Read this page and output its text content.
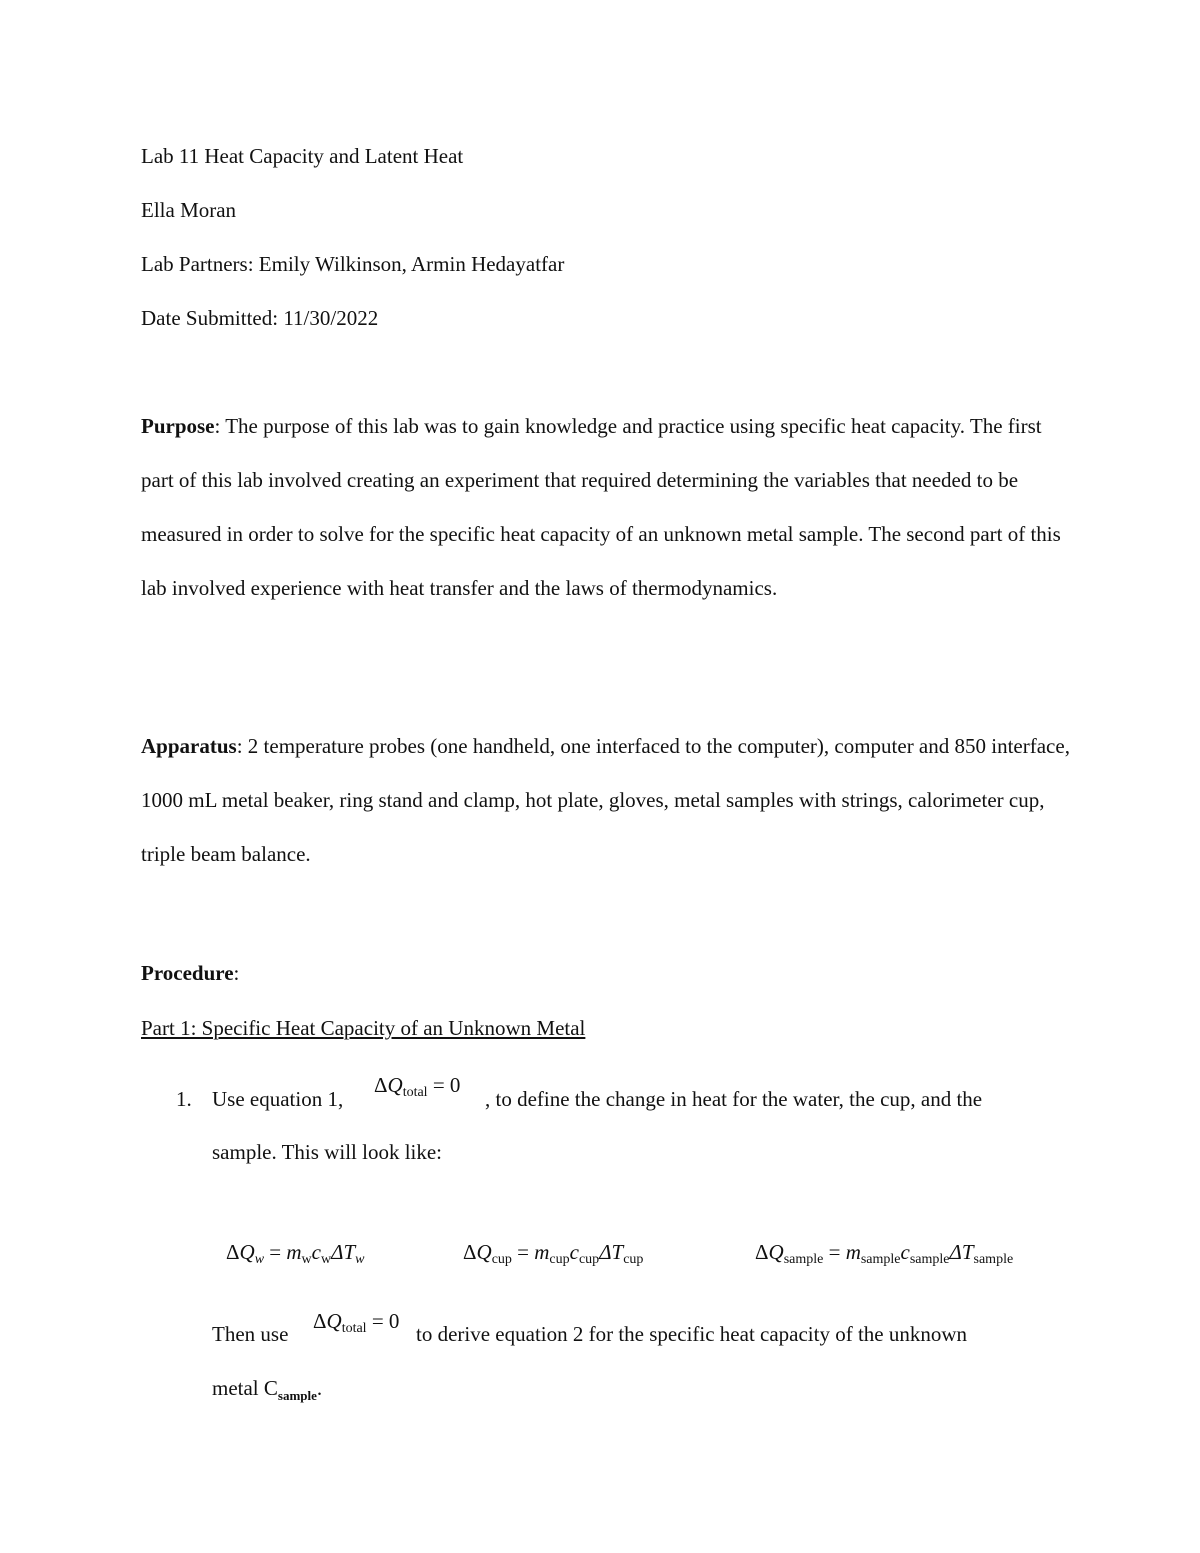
Lab 11 Heat Capacity and Latent Heat
Ella Moran
Lab Partners: Emily Wilkinson, Armin Hedayatfar
Date Submitted: 11/30/2022

Purpose: The purpose of this lab was to gain knowledge and practice using specific heat capacity. The first part of this lab involved creating an experiment that required determining the variables that needed to be measured in order to solve for the specific heat capacity of an unknown metal sample. The second part of this lab involved experience with heat transfer and the laws of thermodynamics.

Apparatus: 2 temperature probes (one handheld, one interfaced to the computer), computer and 850 interface, 1000 mL metal beaker, ring stand and clamp, hot plate, gloves, metal samples with strings, calorimeter cup, triple beam balance.

Procedure:
Part 1: Specific Heat Capacity of an Unknown Metal
1. Use equation 1,
$\Delta Q_{total} = 0$
, to define the change in heat for the water, the cup, and the
sample. This will look like:
$\Delta Qw = m_wc_w\Delta Tw$	$\Delta Q_{cup} = m_{cup}c_{cup}\Delta T_{cup}$	$\Delta Q_{sample} = m_{sample}c_{sample}\Delta T_{sample}$
Then use
$\Delta Q_{total} = 0$
to derive equation 2 for the specific heat capacity of the unknown
metal $C_{sample}$.
